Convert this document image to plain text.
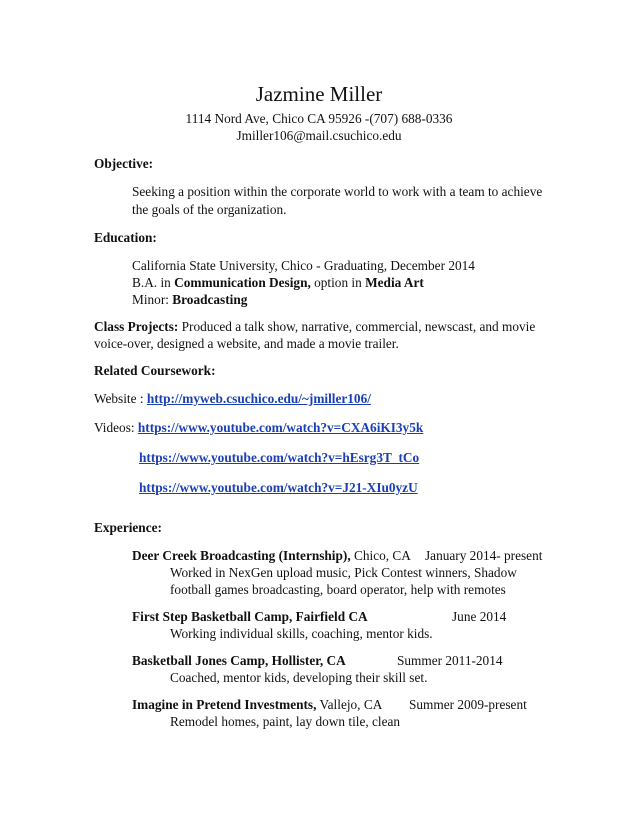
Jazmine Miller
1114 Nord Ave, Chico CA 95926 -(707) 688-0336
Jmiller106@mail.csuchico.edu
Objective:
Seeking a position within the corporate world to work with a team to achieve
the goals of the organization.
Education:
California State University, Chico - Graduating, December 2014
B.A. in Communication Design, option in Media Art
Minor: Broadcasting
Class Projects: Produced a talk show, narrative, commercial, newscast, and movie
voice-over, designed a website, and made a movie trailer.
Related Coursework:
Website : http://myweb.csuchico.edu/~jmiller106/
Videos: https://www.youtube.com/watch?v=CXA6iKI3y5k
https://www.youtube.com/watch?v=hEsrg3T_tCo
https://www.youtube.com/watch?v=J21-XIu0yzU
Experience:
Deer Creek Broadcasting (Internship), Chico, CA January 2014- present
Worked in NexGen upload music, Pick Contest winners, Shadow
football games broadcasting, board operator, help with remotes
First Step Basketball Camp, Fairfield CA	June 2014
Working individual skills, coaching, mentor kids.
Basketball Jones Camp, Hollister, CA	Summer 2011-2014
Coached, mentor kids, developing their skill set.
Imagine in Pretend Investments, Vallejo, CA Summer 2009-present
Remodel homes, paint, lay down tile, clean
